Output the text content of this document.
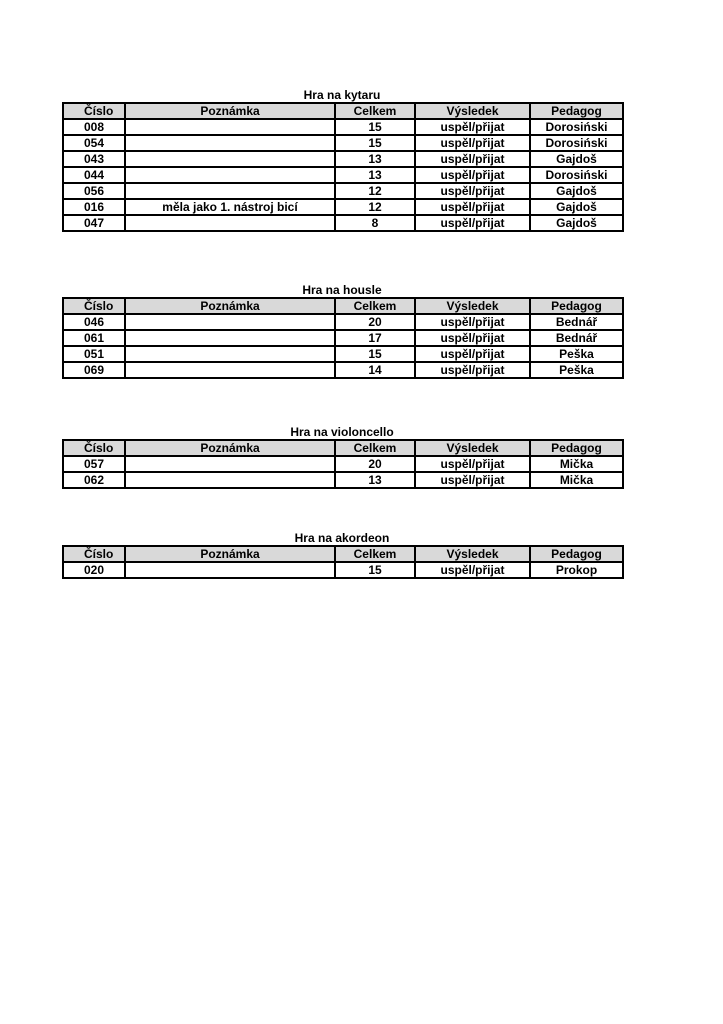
Hra na kytaru
Číslo	Poznámka	Celkem	Výsledek	Pedagog
008		15	uspěl/přijat	Dorosiński
054		15	uspěl/přijat	Dorosiński
043		13	uspěl/přijat	Gajdoš
044		13	uspěl/přijat	Dorosiński
056		12	uspěl/přijat	Gajdoš
016	měla jako 1. nástroj bicí	12	uspěl/přijat	Gajdoš
047		8	uspěl/přijat	Gajdoš
Hra na housle
Číslo	Poznámka	Celkem	Výsledek	Pedagog
046		20	uspěl/přijat	Bednář
061		17	uspěl/přijat	Bednář
051		15	uspěl/přijat	Peška
069		14	uspěl/přijat	Peška
Hra na violoncello
Číslo	Poznámka	Celkem	Výsledek	Pedagog
057		20	uspěl/přijat	Mička
062		13	uspěl/přijat	Mička
Hra na akordeon
Číslo	Poznámka	Celkem	Výsledek	Pedagog
020		15	uspěl/přijat	Prokop
